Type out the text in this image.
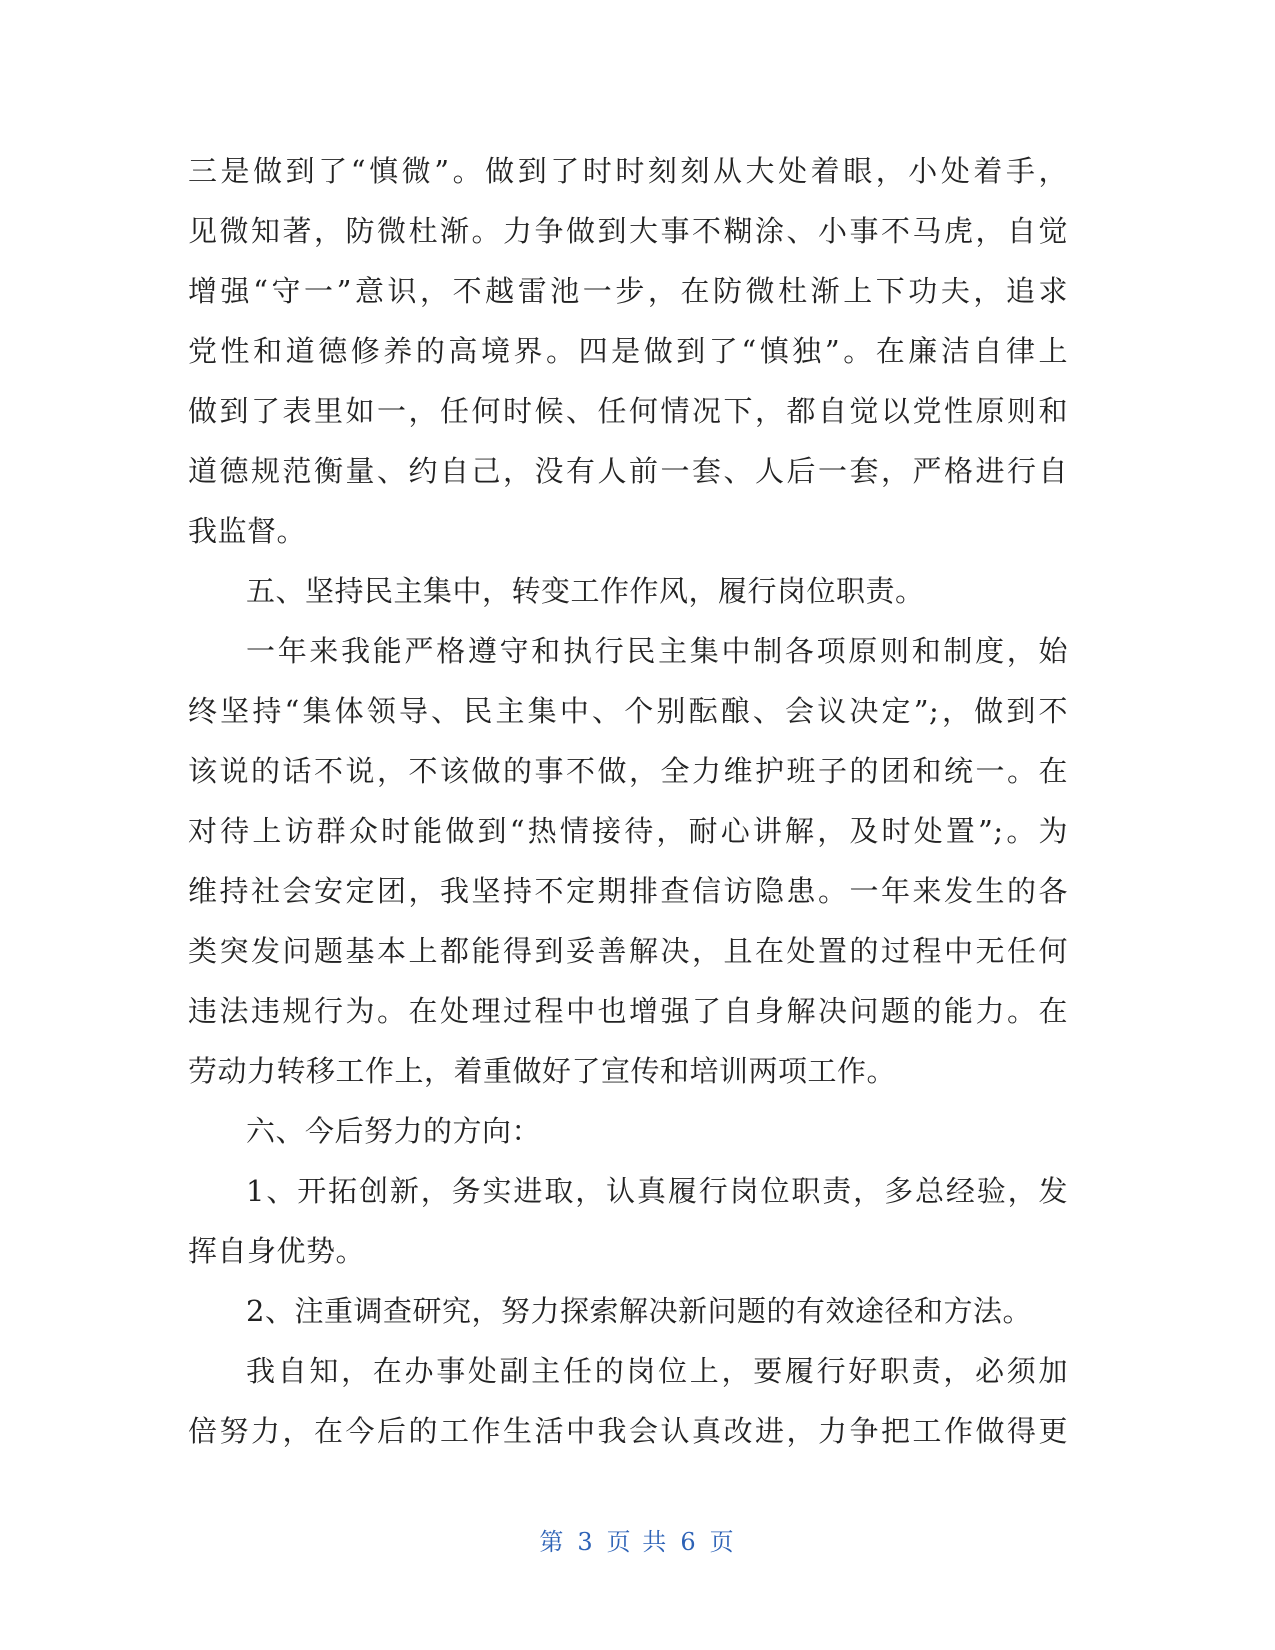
三是做到了“慎微”。做到了时时刻刻从大处着眼，小处着手，
见微知著，防微杜渐。力争做到大事不糊涂、小事不马虎，自觉
增强“守一”意识，不越雷池一步，在防微杜渐上下功夫，追求
党性和道德修养的高境界。四是做到了“慎独”。在廉洁自律上
做到了表里如一，任何时候、任何情况下，都自觉以党性原则和
道德规范衡量、约自己，没有人前一套、人后一套，严格进行自
我监督。
五、坚持民主集中，转变工作作风，履行岗位职责。
一年来我能严格遵守和执行民主集中制各项原则和制度，始
终坚持“集体领导、民主集中、个别酝酿、会议决定”;，做到不
该说的话不说，不该做的事不做，全力维护班子的团和统一。在
对待上访群众时能做到“热情接待，耐心讲解，及时处置”;。为
维持社会安定团，我坚持不定期排查信访隐患。一年来发生的各
类突发问题基本上都能得到妥善解决，且在处置的过程中无任何
违法违规行为。在处理过程中也增强了自身解决问题的能力。在
劳动力转移工作上，着重做好了宣传和培训两项工作。
六、今后努力的方向：
1、开拓创新，务实进取，认真履行岗位职责，多总经验，发
挥自身优势。
2、注重调查研究，努力探索解决新问题的有效途径和方法。
我自知，在办事处副主任的岗位上，要履行好职责，必须加
倍努力，在今后的工作生活中我会认真改进，力争把工作做得更
第 3 页 共 6 页
